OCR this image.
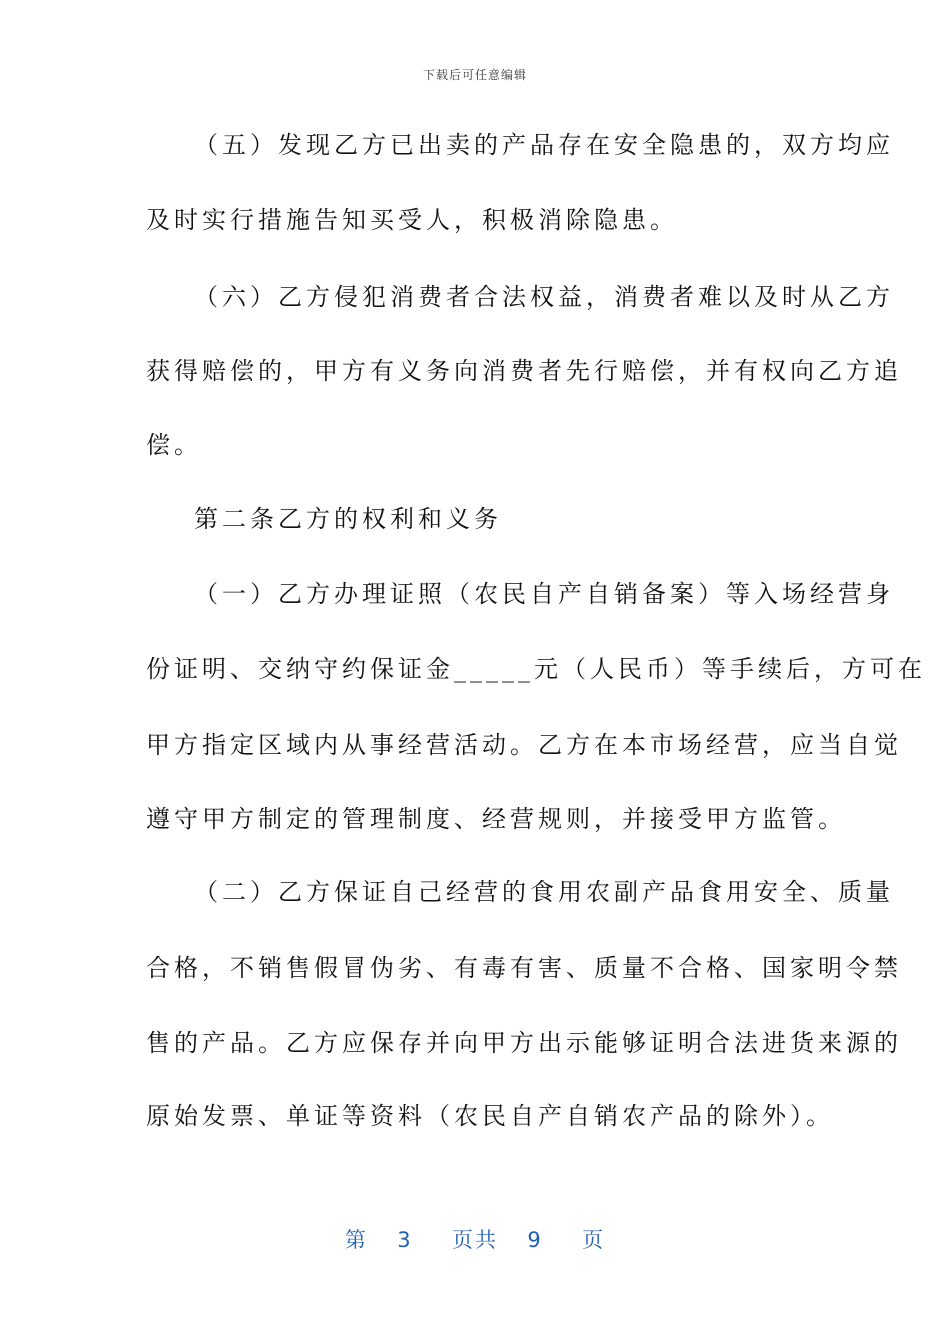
下载后可任意编辑
（五）发现乙方已出卖的产品存在安全隐患的，双方均应
及时实行措施告知买受人，积极消除隐患。
（六）乙方侵犯消费者合法权益，消费者难以及时从乙方
获得赔偿的，甲方有义务向消费者先行赔偿，并有权向乙方追
偿。
第二条乙方的权利和义务
（一）乙方办理证照（农民自产自销备案）等入场经营身
份证明、交纳守约保证金_____元（人民币）等手续后，方可在
甲方指定区域内从事经营活动。乙方在本市场经营，应当自觉
遵守甲方制定的管理制度、经营规则，并接受甲方监管。
（二）乙方保证自己经营的食用农副产品食用安全、质量
合格，不销售假冒伪劣、有毒有害、质量不合格、国家明令禁
售的产品。乙方应保存并向甲方出示能够证明合法进货来源的
原始发票、单证等资料（农民自产自销农产品的除外）。
第 3 页共 9 页
